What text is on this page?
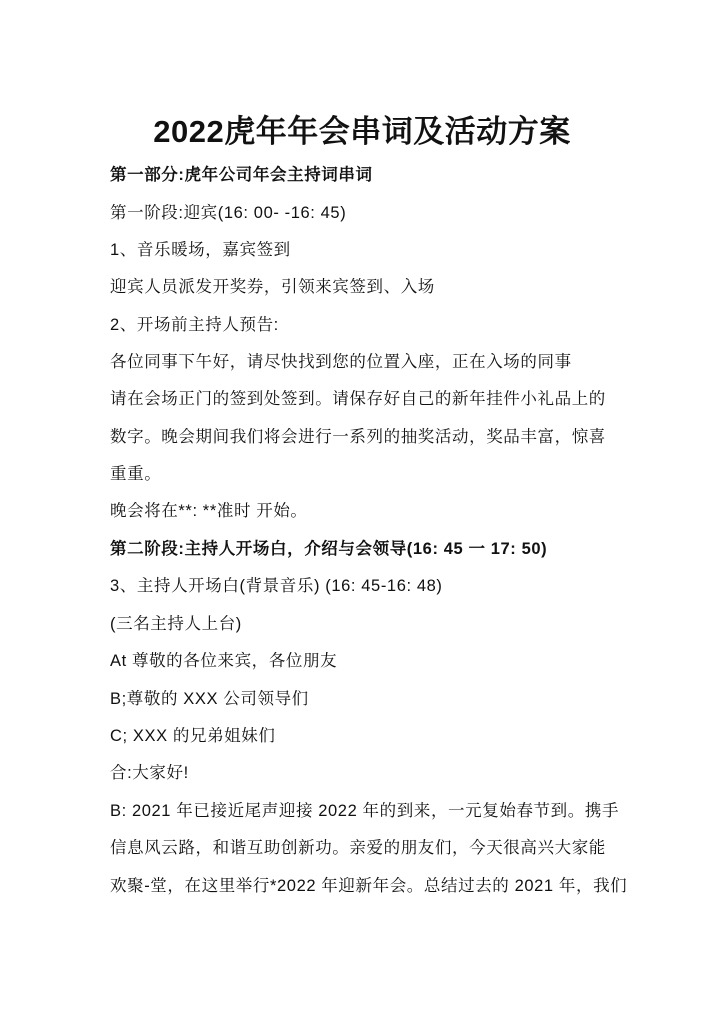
2022虎年年会串词及活动方案
第一部分:虎年公司年会主持词串词
第一阶段:迎宾(16: 00- -16: 45)
1、音乐暖场，嘉宾签到
迎宾人员派发开奖券，引领来宾签到、入场
2、开场前主持人预告:
各位同事下午好，请尽快找到您的位置入座，正在入场的同事
请在会场正门的签到处签到。请保存好自己的新年挂件小礼品上的
数字。晚会期间我们将会进行一系列的抽奖活动，奖品丰富，惊喜
重重。
晚会将在**: **准时 开始。
第二阶段:主持人开场白，介绍与会领导(16: 45 一 17: 50)
3、主持人开场白(背景音乐) (16: 45-16: 48)
(三名主持人上台)
At 尊敬的各位来宾，各位朋友
B;尊敬的 XXX 公司领导们
C; XXX 的兄弟姐妹们
合:大家好!
B: 2021 年已接近尾声迎接 2022 年的到来，一元复始春节到。携手
信息风云路，和谐互助创新功。亲爱的朋友们，今天很高兴大家能
欢聚-堂，在这里举行*2022 年迎新年会。总结过去的 2021 年，我们
